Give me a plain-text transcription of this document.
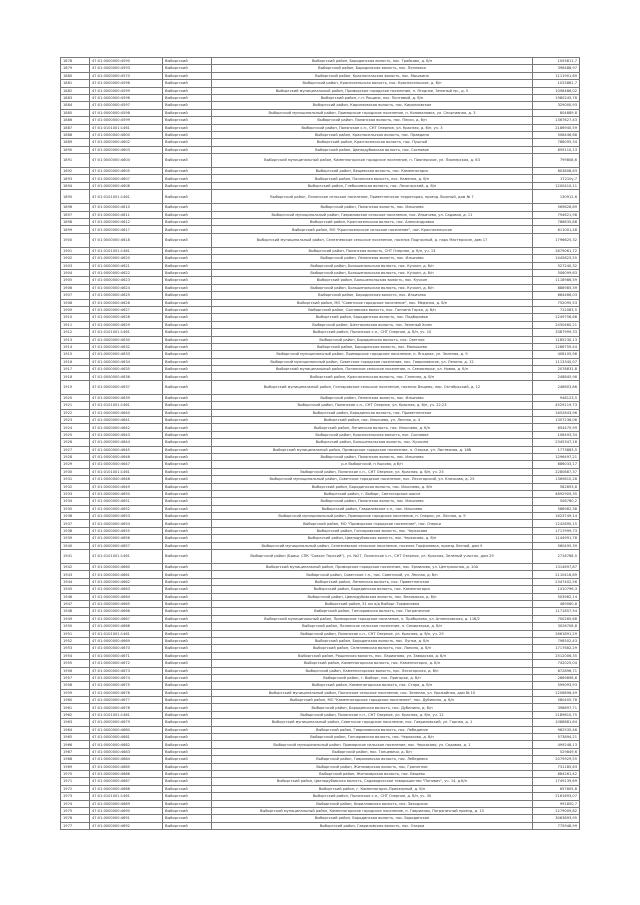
1878	47:01:0000000:4590	Выборгский	Выборгский район, Бородинская волость, пос. Трайковк, д. б/н	1093811,7
1879	47:01:0000000:4593	Выборгский	Выборгский район, Бородинская волость, пос. Пелловка	396488,97
1880	47:01:0000000:4570	Выборгский	Выборгский район, Красносельская волость, пос. Мышкино	1111901,69
1881	47:01:0000000:4596	Выборгский	Выборгский район, Красносельская волость, пос. Красносельское, д. б/н	1025861,7
1882	47:01:0000000:4599	Выборгский	Выборгский муниципальный район, Приморское городское поселение, п. Ягодное, Зеленый пр., д. 5	1098486,02
1883	47:01:0000000:4596	Выборгский	Выборгский район, г.п. Рощино, пос. Почтовый, д. б/н	1980245,78
1884	47:01:0000000:4597	Выборгский	Выборгский район, Кирилловская волость, пос. Кирилловское	329000,93
1885	47:01:0000000:4598	Выборгский	Выборгский муниципальный район, Приморское городское поселение, п. Коноваловка, ул. Спортивная, д. 3	804889,8
1886	47:01:0000000:4599	Выборгский	Выборгский район, Полянская волость, пос. Пески, д. б/н	1367627,43
1887	47:01:0101001:1461	Выборгский	Выборгский район, Полянское с.п., СНТ Озерное, ул. Красная, д. б/н, уч. 3	2186940,59
1888	47:01:0000000:4600	Выборгский	Выборгский район, Красносельская волость, пос. Правдино	508446,68
1889	47:01:0000000:4602	Выборгский	Выборгский район, Красносельская волость, пос. Пушной	788095,34
1890	47:01:0000000:4603	Выборгский	Выборгский район, Цвелодубовская волость, пос. Сосновое	859110,13
1891	47:01:0000000:4604	Выборгский	Выборгский муниципальный район, Каменногорское городское поселение, п. Пионерское, ул. Пионерская, д. 63	799808,6
1892	47:01:0000000:4605	Выборгский	Выборгский район, Вещевская волость, пос. Каменногорск	803808,63
1893	47:01:0000000:4607	Выборгский	Выборгский район, Полянская волость, пос. Каменка, д. б/н	17210у,7
1894	47:01:0000000:4608	Выборгский	Выборгский район, Глебычевская волость, пос. Лесогорский, д. б/н	1200410,11
1895	47:01:0101001:1461	Выборгский	Выборгский район, Полянское сельское поселение, Приветненское территория, проезд Лыжный, дом № 7	130912,6
1896	47:01:0000000:4610	Выборгский	Выборгский район, Полянская волость, пос. Ильичево	569826,89
1897	47:01:0000000:4611	Выборгский	Выборгский муниципальный район, Гавриловское сельское поселение, пос. Ильичево, ул. Садовая, д. 11	794621,98
1898	47:01:0000000:4612	Выборгский	Выборгский район, Красносельская волость, пос. Александровка	786835,88
1899	47:01:0000000:4617	Выборгский	Выборгский район, МО "Красносельское сельское поселение", пос. Красносельское	611001,48
1900	47:01:0000000:4618	Выборгский	Выборгский муниципальный район, Селезневское сельское поселение, поселок Подгорный, д. парк Мастерские, дом 17	1796625,32
1901	47:01:0101001:1461	Выборгский	Выборгский район, Полянская волость, СНТ Озерное, д. б/н, уч. 13	2679061,72
1902	47:01:0000000:4620	Выборгский	Выборгский район, Ленинская волость, пос. Ильичево	1445823,55
1903	47:01:0000000:4621	Выборгский	Выборгский район, Большепольская волость, пос. Кучкин, д. б/н	527240,32
1904	47:01:0000000:4622	Выборгский	Выборгский район, Большепольская волость, пос. Кучкин, д. б/н	506099,63
1905	47:01:0000000:4623	Выборгский	Выборгский район, Большепольская волость, пос. Кучкин	1118986,59
1906	47:01:0000000:4624	Выборгский	Выборгский район, Большепольская волость, пос. Кучкин, д. б/н	888985,39
1907	47:01:0000000:4625	Выборгский	Выборгский район, Бородинская волость, пос. Ильичево	664466,03
1908	47:01:0000000:4626	Выборгский	Выборгский район, МО "Советское городское поселение", пос. Медянка, д. б/н	752095,53
1909	47:01:0000000:4627	Выборгский	Выборгский район, Сосновская волость, пос. Ганнина Горка, д. б/н	712083,5
1910	47:01:0000000:4628	Выборгский	Выборгский район, Бородинская волость, пос. Подборовье	1249756,68
1911	47:01:0000000:4629	Выборгский	Выборгский район, Шестаковская волость, пос. Зеленый Холм	2450460,21
1912	47:01:0101001:1461	Выборгский	Выборгский район, Полянское с.п., СНТ Озерное, д. б/н, уч. 10	3387999,33
1913	47:01:0000000:4630	Выборгский	Выборгский район, Бородинская волость, пос. Светлое	1185230,13
1914	47:01:0000000:4632	Выборгский	Выборгский район, Бородинская волость, пос. Малышево	1286759,44
1915	47:01:0000000:4633	Выборгский	Выборгский муниципальный район, Приморское городское поселение, п. Ягодное, ул. Зеленая, д. 9	408105,98
1916	47:01:0000000:4634	Выборгский	Выборгский муниципальный район, Советское городское поселение, пос. Гавриловское, ул. Ленина, д. 12	1113340,07
1917	47:01:0000000:4635	Выборгский	Выборгский муниципальный район, Полянское сельское поселение, п. Семиозерье, ул. Новая, д. б/н	2078831,8
1918	47:01:0000000:4636	Выборгский	Выборгский район, Красносельская волость, пос. Ганнино, д. б/н	248845,98
1919	47:01:0000000:4637	Выборгский	Выборгский муниципальный район, Гончаровское сельское поселение, поселок Вещево, пер. Октябрьский, д. 12	248603,86
1920	47:01:0000000:4639	Выборгский	Выборгский район, Ленинская волость, пос. Ильичево	948123,5
1921	47:01:0101001:1461	Выборгский	Выборгский район, Полянское с.п., СНТ Озерное, ул. Красная, д. б/н, уч. 22,23	4529119,73
1922	47:01:0000000:4640	Выборгский	Выборгский район, Бородинская волость, пос. Приветненское	1652843,96
1923	47:01:0000000:4641	Выборгский	Выборгский район, пос. Ильичево, ул. Лесная, д. 4	1307236,06
1924	47:01:0000000:4642	Выборгский	Выборгский район, Ленинская волость, пос. Ильичево, д. б/н	654475,99
1925	47:01:0000000:4643	Выборгский	Выборгский район, Красносельская волость, пос. Сосновое	108493,34
1926	47:01:0000000:4644	Выборгский	Выборгский район, Большепольская волость, пос. Кучкино	2345347,18
1927	47:01:0000000:4645	Выборгский	Выборгский муниципальный район, Приморское городское поселение, п. Озерки, ул. Листвяная, д. 18б	1773883,5
1928	47:01:0000000:4646	Выборгский	Выборгский район, Полянская волость, пос. Ильичево	1296497,21
1929	47:01:0000000:4647	Выборгский	р-н Выборгский, п Ушково, д б/н	686033,17
1930	47:01:0101001:1461	Выборгский	Выборгский район, Полянское с.п., СНТ Озерное, ул. Красная, д. б/н, уч. 25	2280887,37
1931	47:01:0000000:4648	Выборгский	Выборгский муниципальный район, Советское городское поселение, пос. Лесогорский, ул. Клочкова, д. 25	1369810,28
1932	47:01:0000000:4649	Выборгский	Выборгский район, Бородинская волость, пос. Ильичево, д. б/н	582893,8
1933	47:01:0000000:4650	Выборгский	Выборгский район, г. Выборг, Светогорское шоссе	4892909,35
1934	47:01:0000000:4651	Выборгский	Выборгский район, Полянская волость, пос. Ильичево	508780,2
1935	47:01:0000000:4652	Выборгский	Выборгский район, Гавриловское с.п., пос. Ильичево	588982,38
1936	47:01:0000000:4653	Выборгский	Выборгский муниципальный район, Приморское городское поселение, п. Озерки, ул. Лесная, д. 9	1623749,14
1937	47:01:0000000:4654	Выборгский	Выборгский район, МО "Приморское городское поселение", пос. Озерки	1242890,15
1938	47:01:0000000:4655	Выборгский	Выборгский район, Гончаровская волость, пос. Черкасово	1717999,73
1939	47:01:0000000:4656	Выборгский	Выборгский район, Цвелодубовская волость, пос. Черкасово, д. б/н	1144991,78
1940	47:01:0000000:4657	Выборгский	Выборгский муниципальный район, Селезневское сельское поселение, поселок Торфяновка, проезд Лесной, дом 9	560495,39
1941	47:01:0101001:1461	Выборгский	Выборгский район (Бывш. СПК "Совхоз Терский"), уч. №27, Полянское с.п., СНТ Озерное, ул. Красная, Зелёный участок, дом 29	2716768,5
1942	47:01:0000000:4660	Выборгский	Выборгский муниципальный район, Приморское городское поселение, пос. Ермилово, ул. Центральная, д. 10А	1314697,87
1943	47:01:0000000:4661	Выборгский	Выборгский район, Советское г.п., пос. Советский, ул. Лесная, д. б/н	2110416,89
1944	47:01:0000000:4662	Выборгский	Выборгский район, Ленинская волость, пос. Приветненское	2347402,56
1945	47:01:0000000:4663	Выборгский	Выборгский район, Бородинская волость, пос. Каменногорск	1410796,3
1946	47:01:0000000:4664	Выборгский	Выборгский район, Цвелодубовская волость, пос. Великокая, д. б/н	503982,14
1947	47:01:0000000:4665	Выборгский	Выборгский район, 51 км а/д Выборг-Торфяновка	489060,8
1948	47:01:0000000:4666	Выборгский	Выборгский район, Гончаровская волость, пос. Пограничное	1171857,54
1949	47:01:0000000:4667	Выборгский	Выборгский муниципальный район, Приморское городское поселение, п. Прибылово, ул. Анненковская, д. 11б/2	700265,68
1950	47:01:0000000:4668	Выборгский	Выборгский район, Полянское сельское поселение, п. Семиозерье, д. б/н	3026708,8
1951	47:01:0101001:1461	Выборгский	Выборгский район, Полянское с.п., СНТ Озерное, ул. Красная, д. б/н, уч. 29	2661891,29
1952	47:01:0000000:4669	Выборгский	Выборгский район, Бородинская волость, пос. Лунки, д. б/н	798502,43
1953	47:01:0000000:4670	Выборгский	Выборгский район, Селезневская волость, пос. Ланино, д. б/н	1717682,29
1954	47:01:0000000:4671	Выборгский	Выборгский район, Рощинская волость, пос. Ларионово, ул. Заводская, д. б/н	2512006,35
1955	47:01:0000000:4672	Выборгский	Выборгский район, Каменногорская волость, пос. Каменногорск, д. б/н	742025,04
1956	47:01:0000000:4673	Выборгский	Выборгский район, Каменногорская волость, пос. Лесогорская, д. б/н	672896,71
1957	47:01:0000000:4674	Выборгский	Выборгский район, г. Выборг, пос. Пригорье, д. б/н	2669898,6
1958	47:01:0000000:4675	Выборгский	Выборгский район, Каменногорская волость, пос. Стара, д. б/н	599093,93
1959	47:01:0000000:4676	Выборгский	Выборгский муниципальный район, Полянское сельское поселение, пос. Зеленая, ул. Урожайная, дом № 10	1206896,49
1960	47:01:0000000:4677	Выборгский	Выборгский район, МО "Каменногорское городское поселение", пос. Дубинино, д. б/н	580405,78
1961	47:01:0000000:4678	Выборгский	Выборгский район, Бородинская волость, пос. Дубинино, д. б/н	398697,71
1962	47:01:0101001:1461	Выборгский	Выборгский район, Полянское с.п., СНТ Озерное, ул. Красная, д. б/н, уч. 12	2189810,75
1963	47:01:0000000:4679	Выборгский	Выборгский муниципальный район, Советское городское поселение, пос. Гавриловский, ул. Горная, д. 1	1086881,64
1964	47:01:0000000:4680	Выборгский	Выборгский район, Гавриловская волость, пос. Лебединое	962535,46
1965	47:01:0000000:4681	Выборгский	Выборгский район, Гончаровская волость, пос. Черкасово, д. б/н	573894,21
1966	47:01:0000000:4682	Выборгский	Выборгский муниципальный район, Приморское сельское поселение, пос. Черкасово, ул. Садовая, д. 1	499248,13
1967	47:01:0000000:4683	Выборгский	Выборгский район, пос. Ганцевичи, д. б/н	529849,6
1968	47:01:0000000:4684	Выборгский	Выборгский район, Гавриловская волость, пос. Лебедевка	2079929,55
1969	47:01:0000000:4685	Выборгский	Выборгский район, Житомирская волость, пос. Гранитное	731185,63
1970	47:01:0000000:4686	Выборгский	Выборгский район, Житомирская волость, пос. Вещево	884261,42
1971	47:01:0000000:4687	Выборгский	Выборгский район, Цвелодубовская волость, Садоводческое товарищество "Попович", уч. 14, д.б/н	1749139,69
1972	47:01:0000000:4688	Выборгский	Выборгский район, г. Каменногорск-Приозерный, д. б/н	657805,8
1973	47:01:0101001:1461	Выборгский	Выборгский район, Полянское с.п., СНТ Озерное, д. б/н, уч. 30	2161693,07
1974	47:01:0000000:4689	Выборгский	Выборгский район, Кирилловская волость, пос. Заходское	991850,7
1975	47:01:0000000:4690	Выборгский	Выборгский муниципальный район, Каменногорское городское поселение, п. Гаврилово, Пограничный проезд, д. 15	1279009,82
1976	47:01:0000000:4691	Выборгский	Выборгский район, Бородинская волость, пос. Бородинское	3063893,95
1977	47:01:0000000:4692	Выборгский	Выборгский район, Гавриловская волость, пос. Озерки	775948,99
